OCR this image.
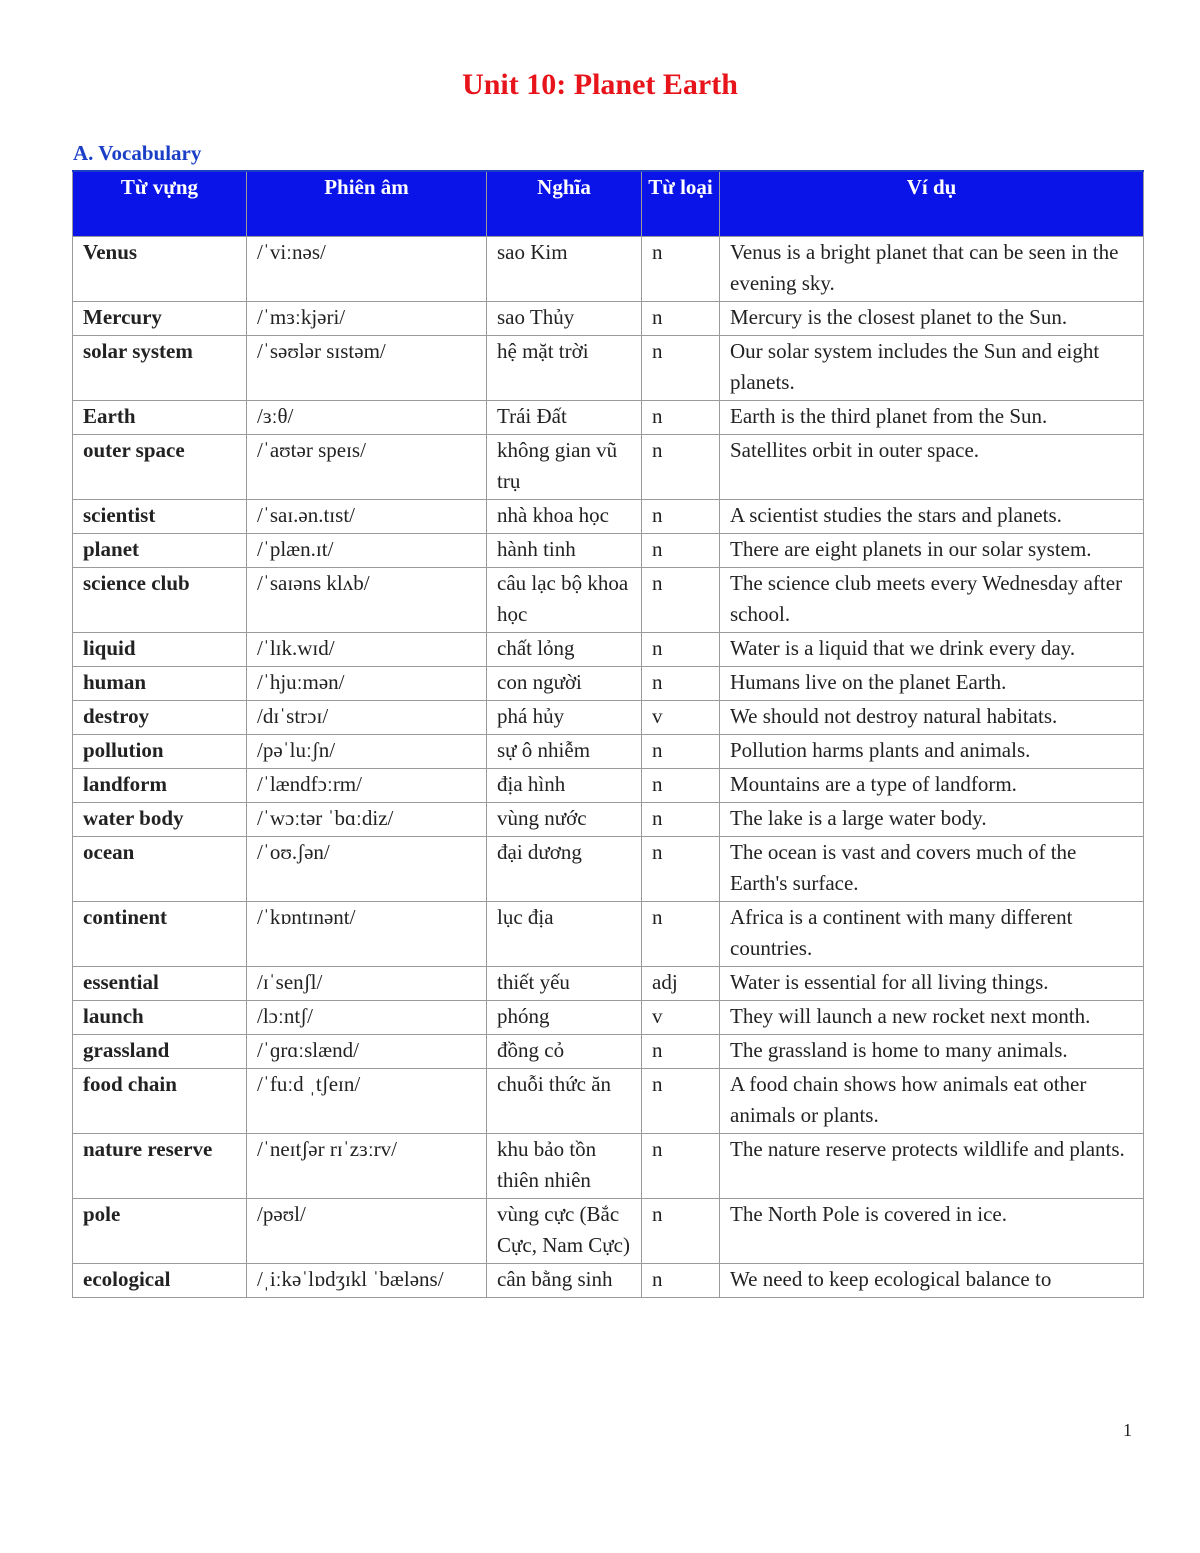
Unit 10: Planet Earth
A. Vocabulary
Từ vựng	Phiên âm	Nghĩa	Từ loại	Ví dụ
Venus	/ˈviːnəs/	sao Kim	n	Venus is a bright planet that can be seen in the evening sky.
Mercury	/ˈmɜːkjəri/	sao Thủy	n	Mercury is the closest planet to the Sun.
solar system	/ˈsəʊlər sɪstəm/	hệ mặt trời	n	Our solar system includes the Sun and eight planets.
Earth	/ɜːθ/	Trái Đất	n	Earth is the third planet from the Sun.
outer space	/ˈaʊtər speɪs/	không gian vũ trụ	n	Satellites orbit in outer space.
scientist	/ˈsaɪ.ən.tɪst/	nhà khoa học	n	A scientist studies the stars and planets.
planet	/ˈplæn.ɪt/	hành tinh	n	There are eight planets in our solar system.
science club	/ˈsaɪəns klʌb/	câu lạc bộ khoa học	n	The science club meets every Wednesday after school.
liquid	/ˈlɪk.wɪd/	chất lỏng	n	Water is a liquid that we drink every day.
human	/ˈhjuːmən/	con người	n	Humans live on the planet Earth.
destroy	/dɪˈstrɔɪ/	phá hủy	v	We should not destroy natural habitats.
pollution	/pəˈluːʃn/	sự ô nhiễm	n	Pollution harms plants and animals.
landform	/ˈlændfɔːrm/	địa hình	n	Mountains are a type of landform.
water body	/ˈwɔːtər ˈbɑːdiz/	vùng nước	n	The lake is a large water body.
ocean	/ˈoʊ.ʃən/	đại dương	n	The ocean is vast and covers much of the Earth's surface.
continent	/ˈkɒntɪnənt/	lục địa	n	Africa is a continent with many different countries.
essential	/ɪˈsenʃl/	thiết yếu	adj	Water is essential for all living things.
launch	/lɔːntʃ/	phóng	v	They will launch a new rocket next month.
grassland	/ˈɡrɑːslænd/	đồng cỏ	n	The grassland is home to many animals.
food chain	/ˈfuːd ˌtʃeɪn/	chuỗi thức ăn	n	A food chain shows how animals eat other animals or plants.
nature reserve	/ˈneɪtʃər rɪˈzɜːrv/	khu bảo tồn thiên nhiên	n	The nature reserve protects wildlife and plants.
pole	/pəʊl/	vùng cực (Bắc Cực, Nam Cực)	n	The North Pole is covered in ice.
ecological	/ˌiːkəˈlɒdʒɪkl ˈbæləns/	cân bằng sinh	n	We need to keep ecological balance to
1
